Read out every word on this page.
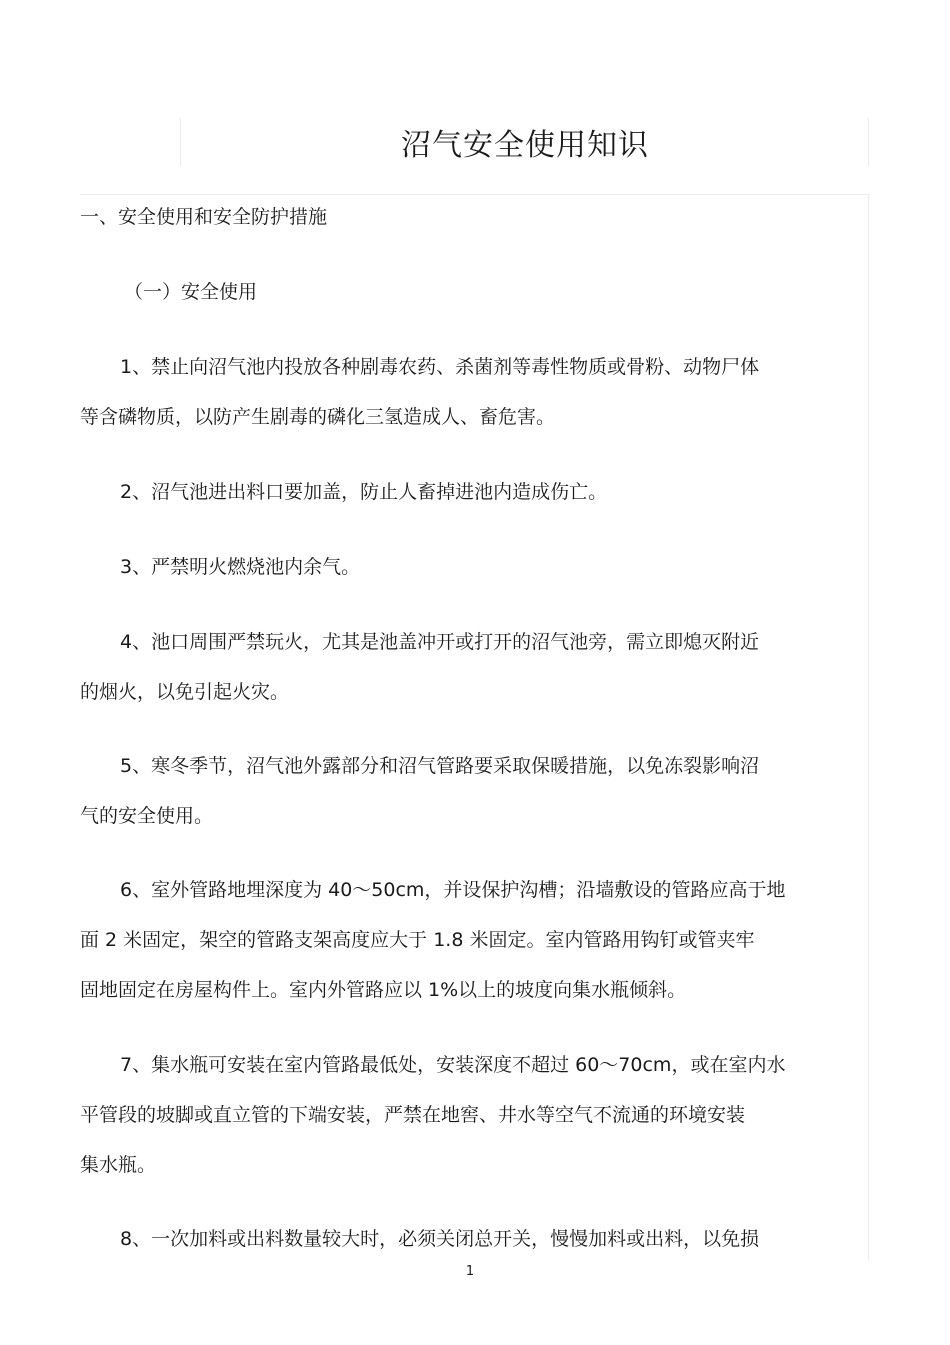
沼气安全使用知识
一、安全使用和安全防护措施
（一）安全使用
1、禁止向沼气池内投放各种剧毒农药、杀菌剂等毒性物质或骨粉、动物尸体
等含磷物质，以防产生剧毒的磷化三氢造成人、畜危害。
2、沼气池进出料口要加盖，防止人畜掉进池内造成伤亡。
3、严禁明火燃烧池内余气。
4、池口周围严禁玩火，尤其是池盖冲开或打开的沼气池旁，需立即熄灭附近
的烟火，以免引起火灾。
5、寒冬季节，沼气池外露部分和沼气管路要采取保暖措施，以免冻裂影响沼
气的安全使用。
6、室外管路地埋深度为 40～50cm，并设保护沟槽；沿墙敷设的管路应高于地
面 2 米固定，架空的管路支架高度应大于 1.8 米固定。室内管路用钩钉或管夹牢
固地固定在房屋构件上。室内外管路应以 1%以上的坡度向集水瓶倾斜。
7、集水瓶可安装在室内管路最低处，安装深度不超过 60～70cm，或在室内水
平管段的坡脚或直立管的下端安装，严禁在地窖、井水等空气不流通的环境安装
集水瓶。
8、一次加料或出料数量较大时，必须关闭总开关，慢慢加料或出料，以免损
1
